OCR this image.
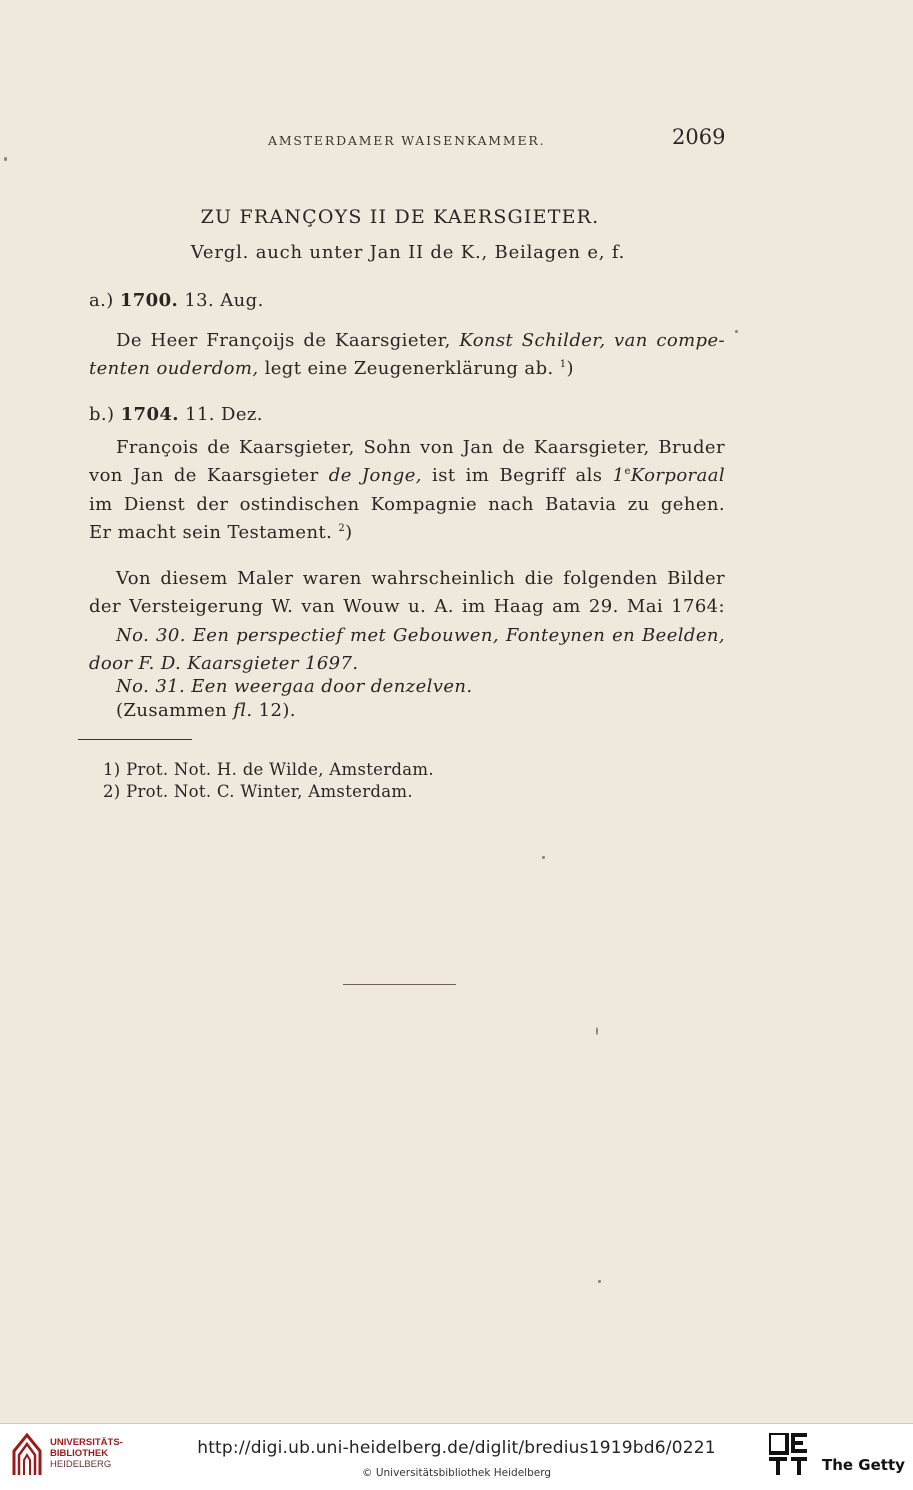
AMSTERDAMER WAISENKAMMER.	2069
ZU FRANÇOYS II DE KAERSGIETER.
Vergl. auch unter Jan II de K., Beilagen e, f.
a.) 1700. 13. Aug.
De Heer Françoijs de Kaarsgieter, Konst Schilder, van compe-
tenten ouderdom, legt eine Zeugenerklärung ab. $^1$)
b.) 1704. 11. Dez.
François de Kaarsgieter, Sohn von Jan de Kaarsgieter, Bruder
von Jan de Kaarsgieter de Jonge, ist im Begriff als 1eKorporaal
im Dienst der ostindischen Kompagnie nach Batavia zu gehen.
Er macht sein Testament. $^2$)
Von diesem Maler waren wahrscheinlich die folgenden Bilder
der Versteigerung W. van Wouw u. A. im Haag am 29. Mai 1764:
No. 30. Een perspectief met Gebouwen, Fonteynen en Beelden,
door F. D. Kaarsgieter 1697.
No. 31. Een weergaa door denzelven.
(Zusammen fl. 12).
1) Prot. Not. H. de Wilde, Amsterdam.
2) Prot. Not. C. Winter, Amsterdam.
UNIVERSITÄTS-
BIBLIOTHEK
HEIDELBERG
http://digi.ub.uni-heidelberg.de/diglit/bredius1919bd6/0221
© Universitätsbibliothek Heidelberg	The Getty
